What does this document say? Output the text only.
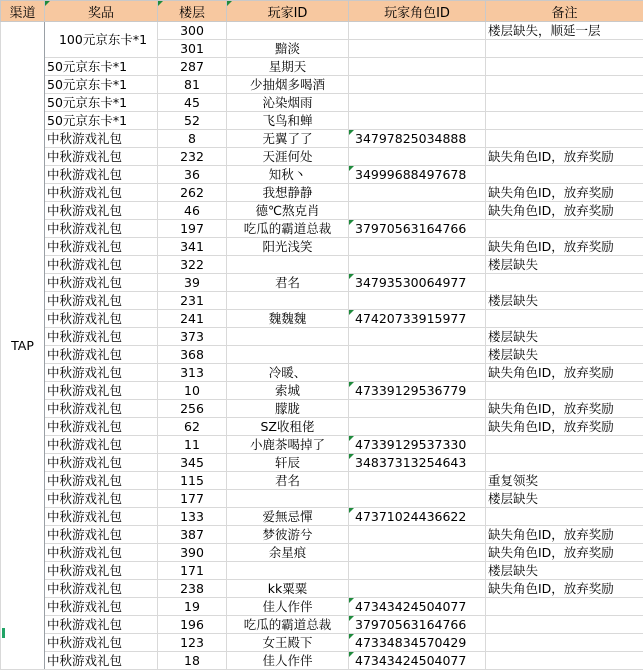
渠道	奖品	楼层	玩家ID	玩家角色ID	备注
TAP	100元京东卡*1	300			楼层缺失，顺延一层
		301	黯淡		
	50元京东卡*1	287	星期天		
	50元京东卡*1	81	少抽烟多喝酒		
	50元京东卡*1	45	沁染烟雨		
	50元京东卡*1	52	飞鸟和蝉		
	中秋游戏礼包	8	无翼了了	34797825034888	
	中秋游戏礼包	232	天涯何处		缺失角色ID，放弃奖励
	中秋游戏礼包	36	知秋丶	34999688497678	
	中秋游戏礼包	262	我想静静		缺失角色ID，放弃奖励
	中秋游戏礼包	46	德℃熬克肖		缺失角色ID，放弃奖励
	中秋游戏礼包	197	吃瓜的霸道总裁	37970563164766	
	中秋游戏礼包	341	阳光浅笑		缺失角色ID，放弃奖励
	中秋游戏礼包	322			楼层缺失
	中秋游戏礼包	39	君名	34793530064977	
	中秋游戏礼包	231			楼层缺失
	中秋游戏礼包	241	魏魏魏	47420733915977	
	中秋游戏礼包	373			楼层缺失
	中秋游戏礼包	368			楼层缺失
	中秋游戏礼包	313	冷暖、		缺失角色ID，放弃奖励
	中秋游戏礼包	10	索城	47339129536779	
	中秋游戏礼包	256	朦胧		缺失角色ID，放弃奖励
	中秋游戏礼包	62	SZ收租佬		缺失角色ID，放弃奖励
	中秋游戏礼包	11	小鹿茶喝掉了	47339129537330	
	中秋游戏礼包	345	轩辰	34837313254643	
	中秋游戏礼包	115	君名		重复领奖
	中秋游戏礼包	177			楼层缺失
	中秋游戏礼包	133	爱無忌憚	47371024436622	
	中秋游戏礼包	387	梦彼游兮		缺失角色ID，放弃奖励
	中秋游戏礼包	390	余星痕		缺失角色ID，放弃奖励
	中秋游戏礼包	171			楼层缺失
	中秋游戏礼包	238	kk粟粟		缺失角色ID，放弃奖励
	中秋游戏礼包	19	佳人作伴	47343424504077	
	中秋游戏礼包	196	吃瓜的霸道总裁	37970563164766	
	中秋游戏礼包	123	女王殿下	47334834570429	
	中秋游戏礼包	18	佳人作伴	47343424504077	
